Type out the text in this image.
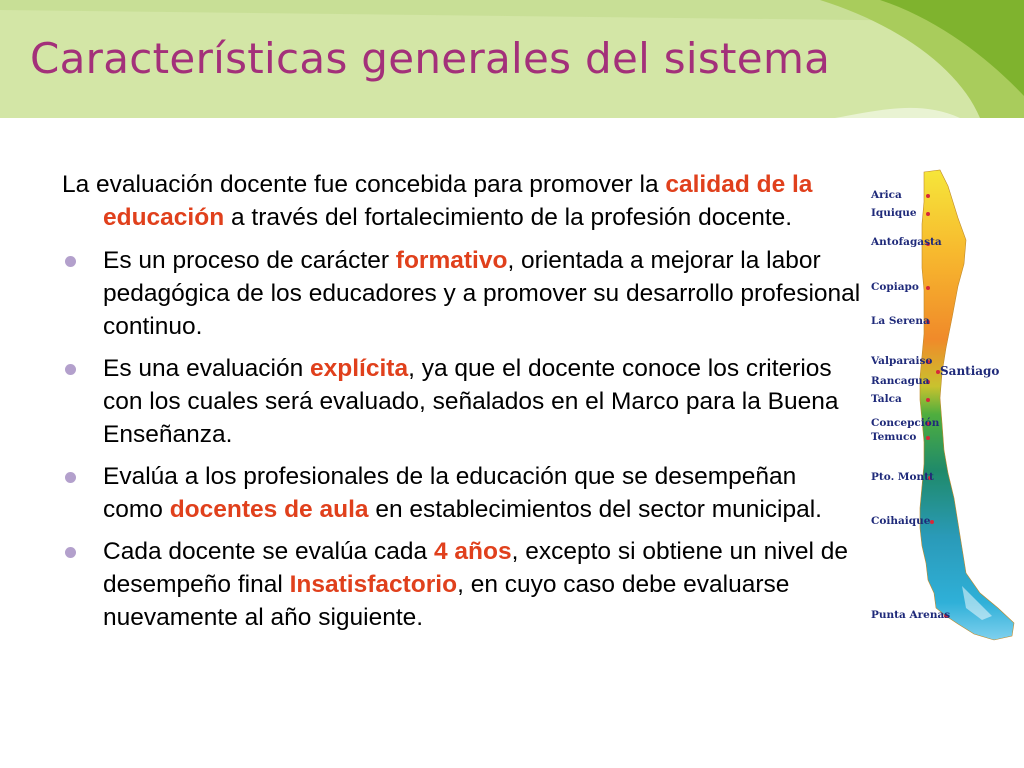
Características generales del sistema

La evaluación docente fue concebida para promover la calidad de la educación a través del fortalecimiento de la profesión docente.

Es un proceso de carácter formativo, orientada a mejorar la labor pedagógica de los educadores y a promover su desarrollo profesional continuo.
Es una evaluación explícita, ya que el docente conoce los criterios con los cuales será evaluado, señalados en el Marco para la Buena Enseñanza.
Evalúa a los profesionales de la educación que se desempeñan como docentes de aula en establecimientos del sector municipal.
Cada docente se evalúa cada 4 años, excepto si obtiene un nivel de desempeño final Insatisfactorio, en cuyo caso debe evaluarse nuevamente al año siguiente.
Arica
Iquique
Antofagasta
Copiapo
La Serena
Valparaiso
Santiago
Rancagua
Talca
Concepción
Temuco
Pto. Montt
Coihaique
Punta Arenas
